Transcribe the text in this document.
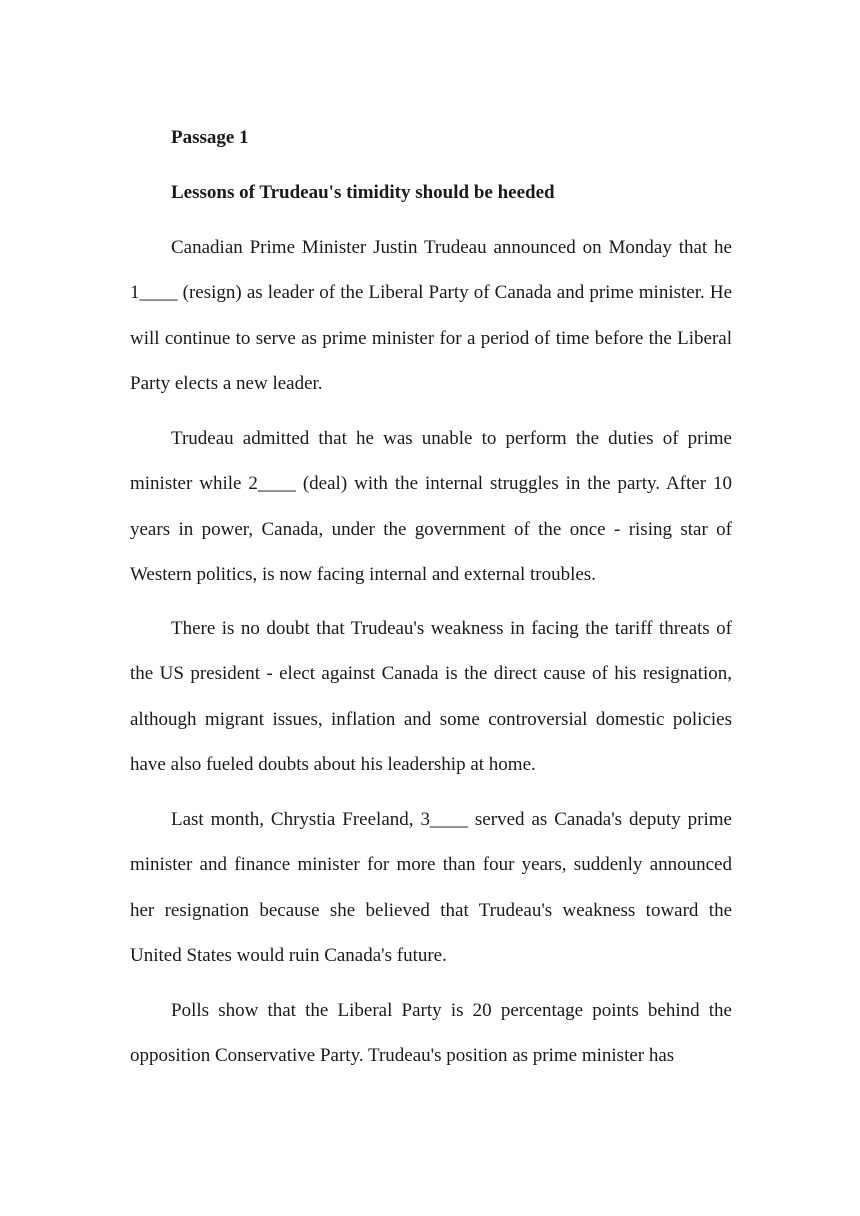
Passage 1
Lessons of Trudeau's timidity should be heeded

Canadian Prime Minister Justin Trudeau announced on Monday that he 1____ (resign) as leader of the Liberal Party of Canada and prime minister. He will continue to serve as prime minister for a period of time before the Liberal Party elects a new leader.

Trudeau admitted that he was unable to perform the duties of prime minister while 2____ (deal) with the internal struggles in the party. After 10 years in power, Canada, under the government of the once - rising star of Western politics, is now facing internal and external troubles.

There is no doubt that Trudeau's weakness in facing the tariff threats of the US president - elect against Canada is the direct cause of his resignation, although migrant issues, inflation and some controversial domestic policies have also fueled doubts about his leadership at home.

Last month, Chrystia Freeland, 3____ served as Canada's deputy prime minister and finance minister for more than four years, suddenly announced her resignation because she believed that Trudeau's weakness toward the United States would ruin Canada's future.

Polls show that the Liberal Party is 20 percentage points behind the opposition Conservative Party. Trudeau's position as prime minister has
